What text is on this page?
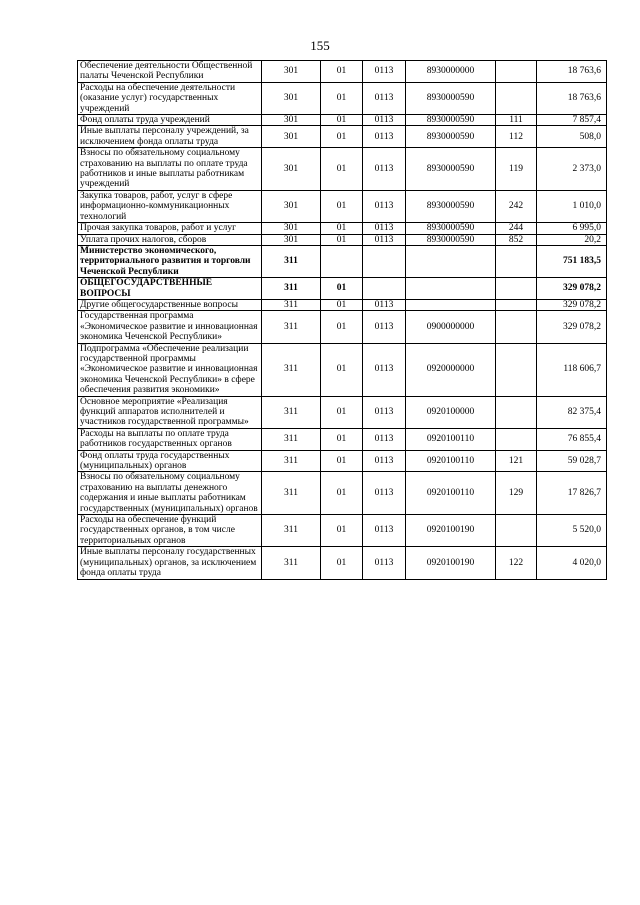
155
Обеспечение деятельности Общественной палаты Чеченской Республики	301	01	0113	8930000000		18 763,6
Расходы на обеспечение деятельности (оказание услуг) государственных учреждений	301	01	0113	8930000590		18 763,6
Фонд оплаты труда учреждений	301	01	0113	8930000590	111	7 857,4
Иные выплаты персоналу учреждений, за исключением фонда оплаты труда	301	01	0113	8930000590	112	508,0
Взносы по обязательному социальному страхованию на выплаты по оплате труда работников и иные выплаты работникам учреждений	301	01	0113	8930000590	119	2 373,0
Закупка товаров, работ, услуг в сфере информационно-коммуникационных технологий	301	01	0113	8930000590	242	1 010,0
Прочая закупка товаров, работ и услуг	301	01	0113	8930000590	244	6 995,0
Уплата прочих налогов, сборов	301	01	0113	8930000590	852	20,2
Министерство экономического, территориального развития и торговли Чеченской Республики	311					751 183,5
ОБЩЕГОСУДАРСТВЕННЫЕ ВОПРОСЫ	311	01				329 078,2
Другие общегосударственные вопросы	311	01	0113			329 078,2
Государственная программа «Экономическое развитие и инновационная экономика Чеченской Республики»	311	01	0113	0900000000		329 078,2
Подпрограмма «Обеспечение реализации государственной программы «Экономическое развитие и инновационная экономика Чеченской Республики» в сфере обеспечения развития экономики»	311	01	0113	0920000000		118 606,7
Основное мероприятие «Реализация функций аппаратов исполнителей и участников государственной программы»	311	01	0113	0920100000		82 375,4
Расходы на выплаты по оплате труда работников государственных органов	311	01	0113	0920100110		76 855,4
Фонд оплаты труда государственных (муниципальных) органов	311	01	0113	0920100110	121	59 028,7
Взносы по обязательному социальному страхованию на выплаты денежного содержания и иные выплаты работникам государственных (муниципальных) органов	311	01	0113	0920100110	129	17 826,7
Расходы на обеспечение функций государственных органов, в том числе территориальных органов	311	01	0113	0920100190		5 520,0
Иные выплаты персоналу государственных (муниципальных) органов, за исключением фонда оплаты труда	311	01	0113	0920100190	122	4 020,0
